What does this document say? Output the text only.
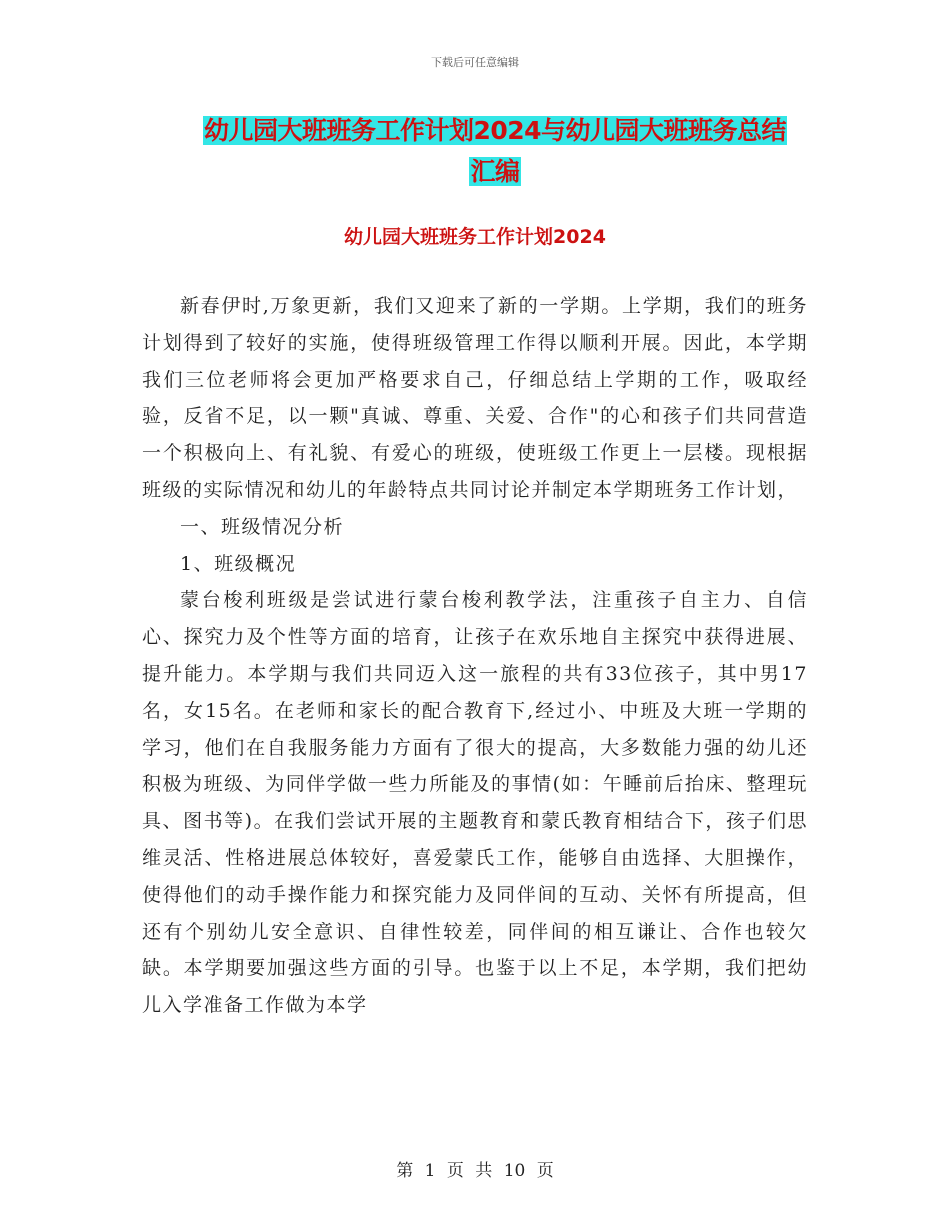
下载后可任意编辑
幼儿园大班班务工作计划2024与幼儿园大班班务总结
汇编
幼儿园大班班务工作计划2024

新春伊时,万象更新，我们又迎来了新的一学期。上学期，我们的班务计划得到了较好的实施，使得班级管理工作得以顺利开展。因此，本学期我们三位老师将会更加严格要求自己，仔细总结上学期的工作，吸取经验，反省不足，以一颗"真诚、尊重、关爱、合作"的心和孩子们共同营造一个积极向上、有礼貌、有爱心的班级，使班级工作更上一层楼。现根据班级的实际情况和幼儿的年龄特点共同讨论并制定本学期班务工作计划，

一、班级情况分析

1、班级概况

蒙台梭利班级是尝试进行蒙台梭利教学法，注重孩子自主力、自信心、探究力及个性等方面的培育，让孩子在欢乐地自主探究中获得进展、提升能力。本学期与我们共同迈入这一旅程的共有33位孩子，其中男17名，女15名。在老师和家长的配合教育下,经过小、中班及大班一学期的学习，他们在自我服务能力方面有了很大的提高，大多数能力强的幼儿还积极为班级、为同伴学做一些力所能及的事情(如：午睡前后抬床、整理玩具、图书等)。在我们尝试开展的主题教育和蒙氏教育相结合下，孩子们思维灵活、性格进展总体较好，喜爱蒙氏工作，能够自由选择、大胆操作，使得他们的动手操作能力和探究能力及同伴间的互动、关怀有所提高，但还有个别幼儿安全意识、自律性较差，同伴间的相互谦让、合作也较欠缺。本学期要加强这些方面的引导。也鉴于以上不足，本学期，我们把幼儿入学准备工作做为本学

第 1 页 共 10 页
